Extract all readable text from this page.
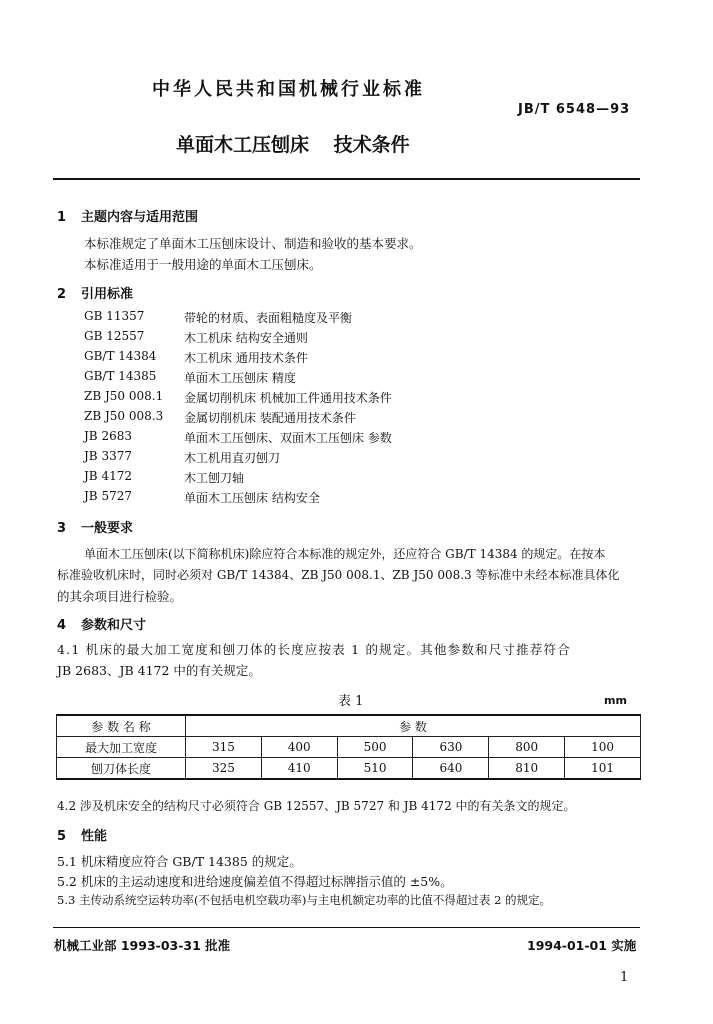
中华人民共和国机械行业标准
JB/T 6548—93
单面木工压刨床 技术条件
1 主题内容与适用范围
本标准规定了单面木工压刨床设计、制造和验收的基本要求。
本标准适用于一般用途的单面木工压刨床。
2 引用标准
GB 11357	带轮的材质、表面粗糙度及平衡
GB 12557	木工机床 结构安全通则
GB/T 14384 木工机床 通用技术条件
GB/T 14385 单面木工压刨床 精度
ZB J50 008.1 金属切削机床 机械加工件通用技术条件
ZB J50 008.3 金属切削机床 装配通用技术条件
JB 2683	单面木工压刨床、双面木工压刨床 参数
JB 3377	木工机用直刃刨刀
JB 4172	木工刨刀轴
JB 5727	单面木工压刨床 结构安全
3 一般要求
单面木工压刨床(以下简称机床)除应符合本标准的规定外，还应符合 GB/T 14384 的规定。在按本
标准验收机床时，同时必须对 GB/T 14384、ZB J50 008.1、ZB J50 008.3 等标准中未经本标准具体化
的其余项目进行检验。
4 参数和尺寸
4.1 机床的最大加工宽度和刨刀体的长度应按表 1 的规定。其他参数和尺寸推荐符合
JB 2683、JB 4172 中的有关规定。
表 1	mm
参 数 名 称	参 数					
最大加工宽度	315	400	500	630	800	100
刨刀体长度	325	410	510	640	810	101
4.2 涉及机床安全的结构尺寸必须符合 GB 12557、JB 5727 和 JB 4172 中的有关条文的规定。
5 性能
5.1 机床精度应符合 GB/T 14385 的规定。
5.2 机床的主运动速度和进给速度偏差值不得超过标牌指示值的 ±5%。
5.3 主传动系统空运转功率(不包括电机空载功率)与主电机额定功率的比值不得超过表 2 的规定。
机械工业部 1993-03-31 批准	1994-01-01 实施
1
